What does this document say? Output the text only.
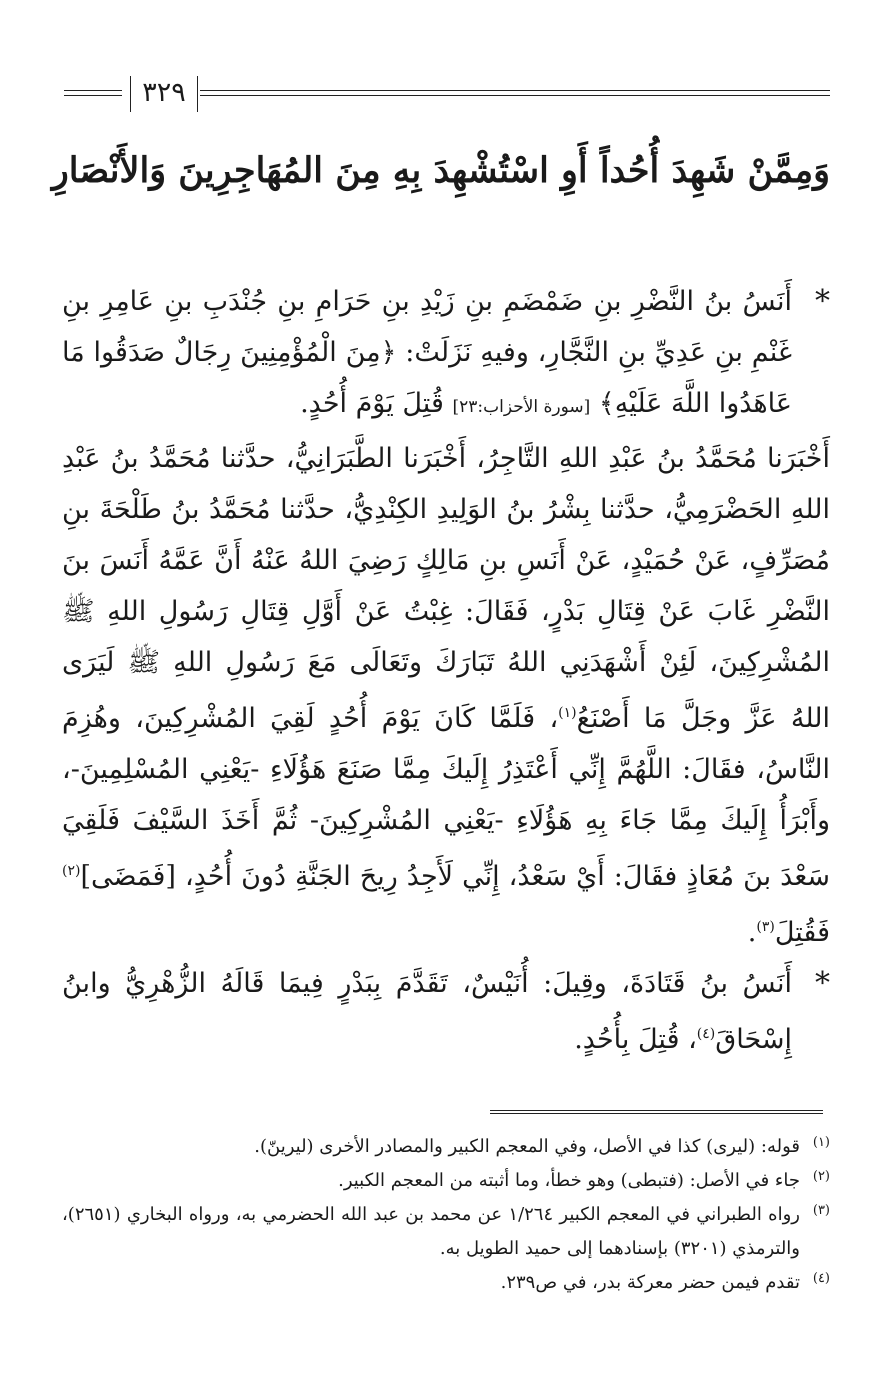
٣٢٩
وَمِمَّنْ شَهِدَ أُحُداً أَوِ اسْتُشْهِدَ بِهِ مِنَ المُهَاجِرِينَ وَالأَنْصَارِ

*
أَنَسُ بنُ النَّضْرِ بنِ ضَمْضَمِ بنِ زَيْدِ بنِ حَرَامِ بنِ جُنْدَبِ بنِ عَامِرِ بنِ غَنْمِ بنِ عَدِيِّ بنِ النَّجَّارِ، وفيهِ نَزَلَتْ: ﴿مِنَ الْمُؤْمِنِينَ رِجَالٌ صَدَقُوا مَا عَاهَدُوا اللَّهَ عَلَيْهِ﴾ [سورة الأحزاب:٢٣] قُتِلَ يَوْمَ أُحُدٍ.

أَخْبَرَنا مُحَمَّدُ بنُ عَبْدِ اللهِ التَّاجِرُ، أَخْبَرَنا الطَّبَرَانِيُّ، حدَّثنا مُحَمَّدُ بنُ عَبْدِ اللهِ الحَضْرَمِيُّ، حدَّثنا بِشْرُ بنُ الوَلِيدِ الكِنْدِيُّ، حدَّثنا مُحَمَّدُ بنُ طَلْحَةَ بنِ مُصَرِّفٍ، عَنْ حُمَيْدٍ، عَنْ أَنَسِ بنِ مَالِكٍ رَضِيَ اللهُ عَنْهُ أَنَّ عَمَّهُ أَنَسَ بنَ النَّضْرِ غَابَ عَنْ قِتَالِ بَدْرٍ، فَقَالَ: غِبْتُ عَنْ أَوَّلِ قِتَالِ رَسُولِ اللهِ ﷺ المُشْرِكِينَ، لَئِنْ أَشْهَدَنِي اللهُ تَبَارَكَ وتَعَالَى مَعَ رَسُولِ اللهِ ﷺ لَيَرَى اللهُ عَزَّ وجَلَّ مَا أَصْنَعُ$^{(١)}$، فَلَمَّا كَانَ يَوْمَ أُحُدٍ لَقِيَ المُشْرِكِينَ، وهُزِمَ النَّاسُ، فقَالَ: اللَّهُمَّ إِنِّي أَعْتَذِرُ إِلَيكَ مِمَّا صَنَعَ هَؤُلَاءِ -يَعْنِي المُسْلِمِينَ-، وأَبْرَأُ إِلَيكَ مِمَّا جَاءَ بِهِ هَؤُلَاءِ -يَعْنِي المُشْرِكِينَ- ثُمَّ أَخَذَ السَّيْفَ فَلَقِيَ سَعْدَ بنَ مُعَاذٍ فقَالَ: أَيْ سَعْدُ، إِنِّي لَأَجِدُ رِيحَ الجَنَّةِ دُونَ أُحُدٍ، [فَمَضَى]$^{(٢)}$ فَقُتِلَ$^{(٣)}$.

*
أَنَسُ بنُ قَتَادَةَ، وقِيلَ: أُنَيْسٌ، تَقَدَّمَ بِبَدْرٍ فِيمَا قَالَهُ الزُّهْرِيُّ وابنُ إِسْحَاقَ$^{(٤)}$، قُتِلَ بِأُحُدٍ.

(١)
قوله: (ليرى) كذا في الأصل، وفي المعجم الكبير والمصادر الأخرى (ليرينّ).

(٢)
جاء في الأصل: (فتبطى) وهو خطأ، وما أثبته من المعجم الكبير.

(٣)
رواه الطبراني في المعجم الكبير ١/٢٦٤ عن محمد بن عبد الله الحضرمي به، ورواه البخاري (٢٦٥١)، والترمذي (٣٢٠١) بإسنادهما إلى حميد الطويل به.

(٤)
تقدم فيمن حضر معركة بدر، في ص٢٣٩.
